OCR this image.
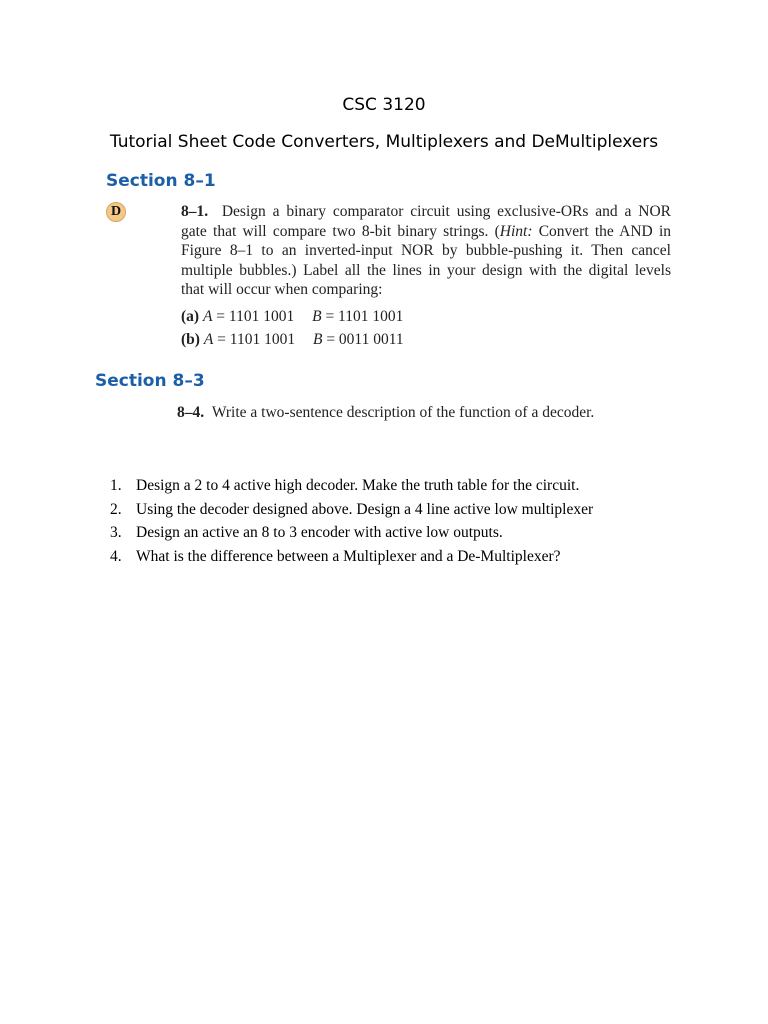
CSC 3120
Tutorial Sheet Code Converters, Multiplexers and DeMultiplexers
Section 8–1
D	8–1. Design a binary comparator circuit using exclusive-ORs and a NOR
gate that will compare two 8-bit binary strings. (Hint: Convert the AND in
Figure 8–1 to an inverted-input NOR by bubble-pushing it. Then cancel
multiple bubbles.) Label all the lines in your design with the digital levels
that will occur when comparing:
(a) A = 1101 1001 B = 1101 1001
(b) A = 1101 1001 B = 0011 0011
Section 8–3
8–4. Write a two-sentence description of the function of a decoder.
1. Design a 2 to 4 active high decoder. Make the truth table for the circuit.
2. Using the decoder designed above. Design a 4 line active low multiplexer
3. Design an active an 8 to 3 encoder with active low outputs.
4. What is the difference between a Multiplexer and a De-Multiplexer?
